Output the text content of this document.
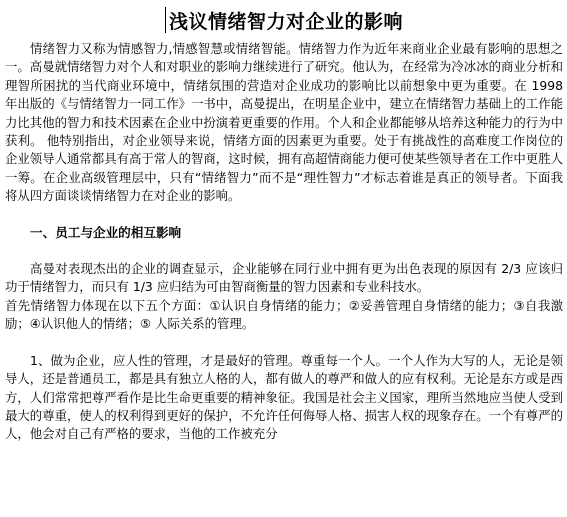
浅议情绪智力对企业的影响

情绪智力又称为情感智力,情感智慧或情绪智能。情绪智力作为近年来商业企业最有影响的思想之一。高曼就情绪智力对个人和对职业的影响力继续进行了研究。他认为，在经常为冷冰冰的商业分析和理智所困扰的当代商业环境中，情绪氛围的营造对企业成功的影响比以前想象中更为重要。在 1998 年出版的《与情绪智力一同工作》一书中，高曼提出，在明星企业中，建立在情绪智力基础上的工作能力比其他的智力和技术因素在企业中扮演着更重要的作用。个人和企业都能够从培养这种能力的行为中获利。 他特别指出，对企业领导来说，情绪方面的因素更为重要。处于有挑战性的高难度工作岗位的企业领导人通常都具有高于常人的智商，这时候，拥有高超情商能力便可使某些领导者在工作中更胜人一筹。在企业高级管理层中，只有“情绪智力”而不是“理性智力”才标志着谁是真正的领导者。下面我将从四方面谈谈情绪智力在对企业的影响。

一、员工与企业的相互影响

高曼对表现杰出的企业的调查显示，企业能够在同行业中拥有更为出色表现的原因有 2/3 应该归功于情绪智力，而只有 1/3 应归结为可由智商衡量的智力因素和专业科技水。

首先情绪智力体现在以下五个方面：①认识自身情绪的能力；②妥善管理自身情绪的能力；③自我激励；④认识他人的情绪；⑤ 人际关系的管理。

1、做为企业，应人性的管理，才是最好的管理。尊重每一个人。一个人作为大写的人，无论是领导人，还是普通员工，都是具有独立人格的人，都有做人的尊严和做人的应有权利。无论是东方或是西方，人们常常把尊严看作是比生命更重要的精神象征。我国是社会主义国家，理所当然地应当使人受到最大的尊重，使人的权利得到更好的保护，不允许任何侮辱人格、损害人权的现象存在。一个有尊严的人，他会对自己有严格的要求，当他的工作被充分
